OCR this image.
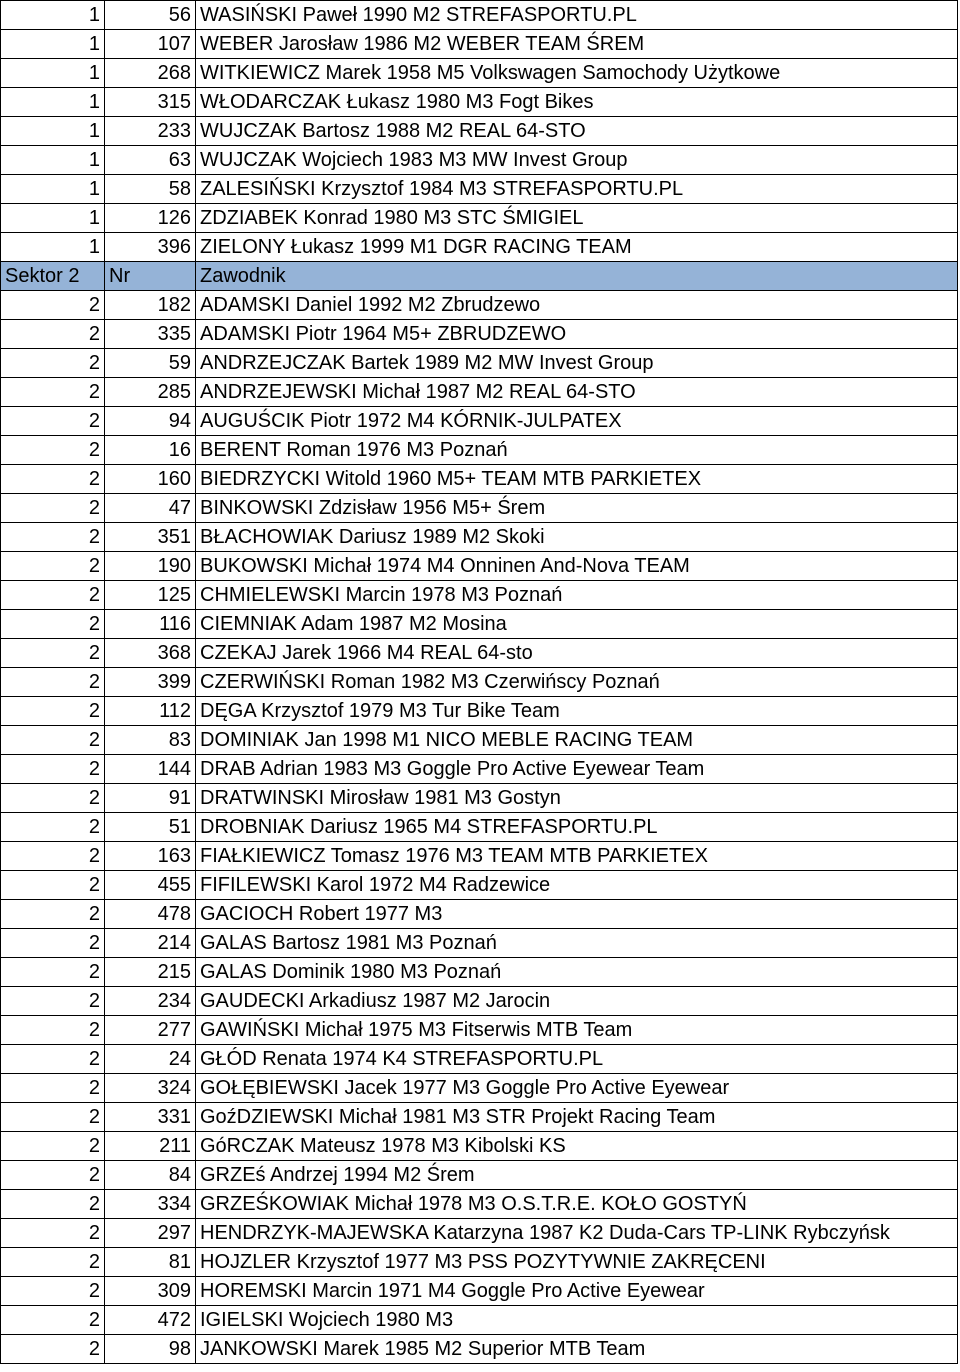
1	56	WASIŃSKI Paweł 1990 M2 STREFASPORTU.PL
1	107	WEBER Jarosław 1986 M2 WEBER TEAM ŚREM
1	268	WITKIEWICZ Marek 1958 M5 Volkswagen Samochody Użytkowe
1	315	WŁODARCZAK Łukasz 1980 M3 Fogt Bikes
1	233	WUJCZAK Bartosz 1988 M2 REAL 64-STO
1	63	WUJCZAK Wojciech 1983 M3 MW Invest Group
1	58	ZALESIŃSKI Krzysztof 1984 M3 STREFASPORTU.PL
1	126	ZDZIABEK Konrad 1980 M3 STC ŚMIGIEL
1	396	ZIELONY Łukasz 1999 M1 DGR RACING TEAM
Sektor 2	Nr	Zawodnik
2	182	ADAMSKI Daniel 1992 M2 Zbrudzewo
2	335	ADAMSKI Piotr 1964 M5+ ZBRUDZEWO
2	59	ANDRZEJCZAK Bartek 1989 M2 MW Invest Group
2	285	ANDRZEJEWSKI Michał 1987 M2 REAL 64-STO
2	94	AUGUŚCIK Piotr 1972 M4 KÓRNIK-JULPATEX
2	16	BERENT Roman 1976 M3 Poznań
2	160	BIEDRZYCKI Witold 1960 M5+ TEAM MTB PARKIETEX
2	47	BINKOWSKI Zdzisław 1956 M5+ Śrem
2	351	BŁACHOWIAK Dariusz 1989 M2 Skoki
2	190	BUKOWSKI Michał 1974 M4 Onninen And-Nova TEAM
2	125	CHMIELEWSKI Marcin 1978 M3 Poznań
2	116	CIEMNIAK Adam 1987 M2 Mosina
2	368	CZEKAJ Jarek 1966 M4 REAL 64-sto
2	399	CZERWIŃSKI Roman 1982 M3 Czerwińscy Poznań
2	112	DĘGA Krzysztof 1979 M3 Tur Bike Team
2	83	DOMINIAK Jan 1998 M1 NICO MEBLE RACING TEAM
2	144	DRAB Adrian 1983 M3 Goggle Pro Active Eyewear Team
2	91	DRATWINSKI Mirosław 1981 M3 Gostyn
2	51	DROBNIAK Dariusz 1965 M4 STREFASPORTU.PL
2	163	FIAŁKIEWICZ Tomasz 1976 M3 TEAM MTB PARKIETEX
2	455	FIFILEWSKI Karol 1972 M4 Radzewice
2	478	GACIOCH Robert 1977 M3
2	214	GALAS Bartosz 1981 M3 Poznań
2	215	GALAS Dominik 1980 M3 Poznań
2	234	GAUDECKI Arkadiusz 1987 M2 Jarocin
2	277	GAWIŃSKI Michał 1975 M3 Fitserwis MTB Team
2	24	GŁÓD Renata 1974 K4 STREFASPORTU.PL
2	324	GOŁĘBIEWSKI Jacek 1977 M3 Goggle Pro Active Eyewear
2	331	GoźDZIEWSKI Michał 1981 M3 STR Projekt Racing Team
2	211	GóRCZAK Mateusz 1978 M3 Kibolski KS
2	84	GRZEś Andrzej 1994 M2 Śrem
2	334	GRZEŚKOWIAK Michał 1978 M3 O.S.T.R.E. KOŁO GOSTYŃ
2	297	HENDRZYK-MAJEWSKA Katarzyna 1987 K2 Duda-Cars TP-LINK Rybczyńsk
2	81	HOJZLER Krzysztof 1977 M3 PSS POZYTYWNIE ZAKRĘCENI
2	309	HOREMSKI Marcin 1971 M4 Goggle Pro Active Eyewear
2	472	IGIELSKI Wojciech 1980 M3
2	98	JANKOWSKI Marek 1985 M2 Superior MTB Team
